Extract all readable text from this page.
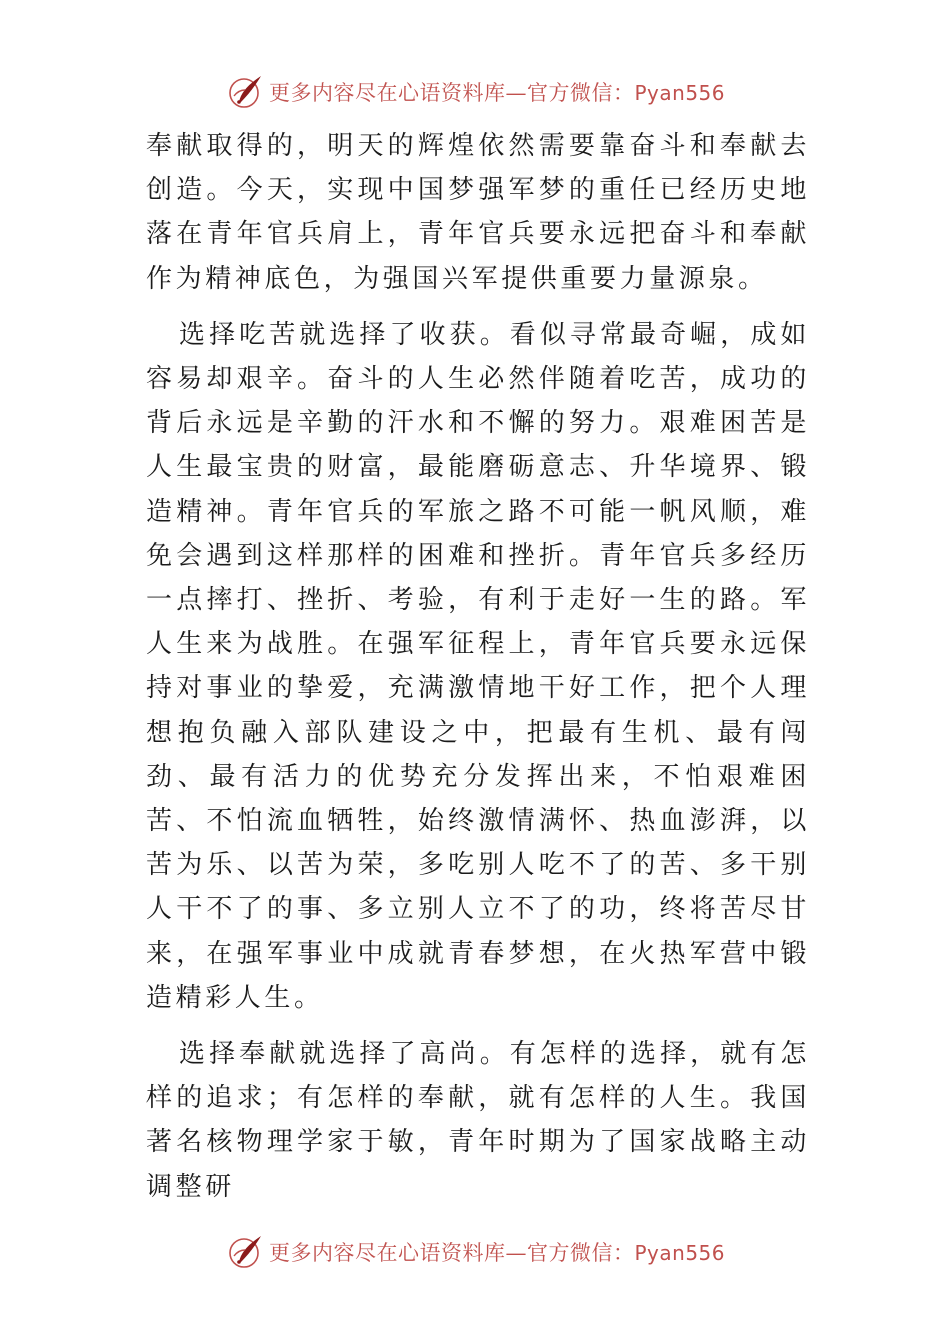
更多内容尽在心语资料库—官方微信：Pyan556

奉献取得的，明天的辉煌依然需要靠奋斗和奉献去创造。今天，实现中国梦强军梦的重任已经历史地落在青年官兵肩上，青年官兵要永远把奋斗和奉献作为精神底色，为强国兴军提供重要力量源泉。

选择吃苦就选择了收获。看似寻常最奇崛，成如容易却艰辛。奋斗的人生必然伴随着吃苦，成功的背后永远是辛勤的汗水和不懈的努力。艰难困苦是人生最宝贵的财富，最能磨砺意志、升华境界、锻造精神。青年官兵的军旅之路不可能一帆风顺，难免会遇到这样那样的困难和挫折。青年官兵多经历一点摔打、挫折、考验，有利于走好一生的路。军人生来为战胜。在强军征程上，青年官兵要永远保持对事业的挚爱，充满激情地干好工作，把个人理想抱负融入部队建设之中，把最有生机、最有闯劲、最有活力的优势充分发挥出来，不怕艰难困苦、不怕流血牺牲，始终激情满怀、热血澎湃，以苦为乐、以苦为荣，多吃别人吃不了的苦、多干别人干不了的事、多立别人立不了的功，终将苦尽甘来，在强军事业中成就青春梦想，在火热军营中锻造精彩人生。

选择奉献就选择了高尚。有怎样的选择，就有怎样的追求；有怎样的奉献，就有怎样的人生。我国著名核物理学家于敏，青年时期为了国家战略主动调整研

更多内容尽在心语资料库—官方微信：Pyan556
